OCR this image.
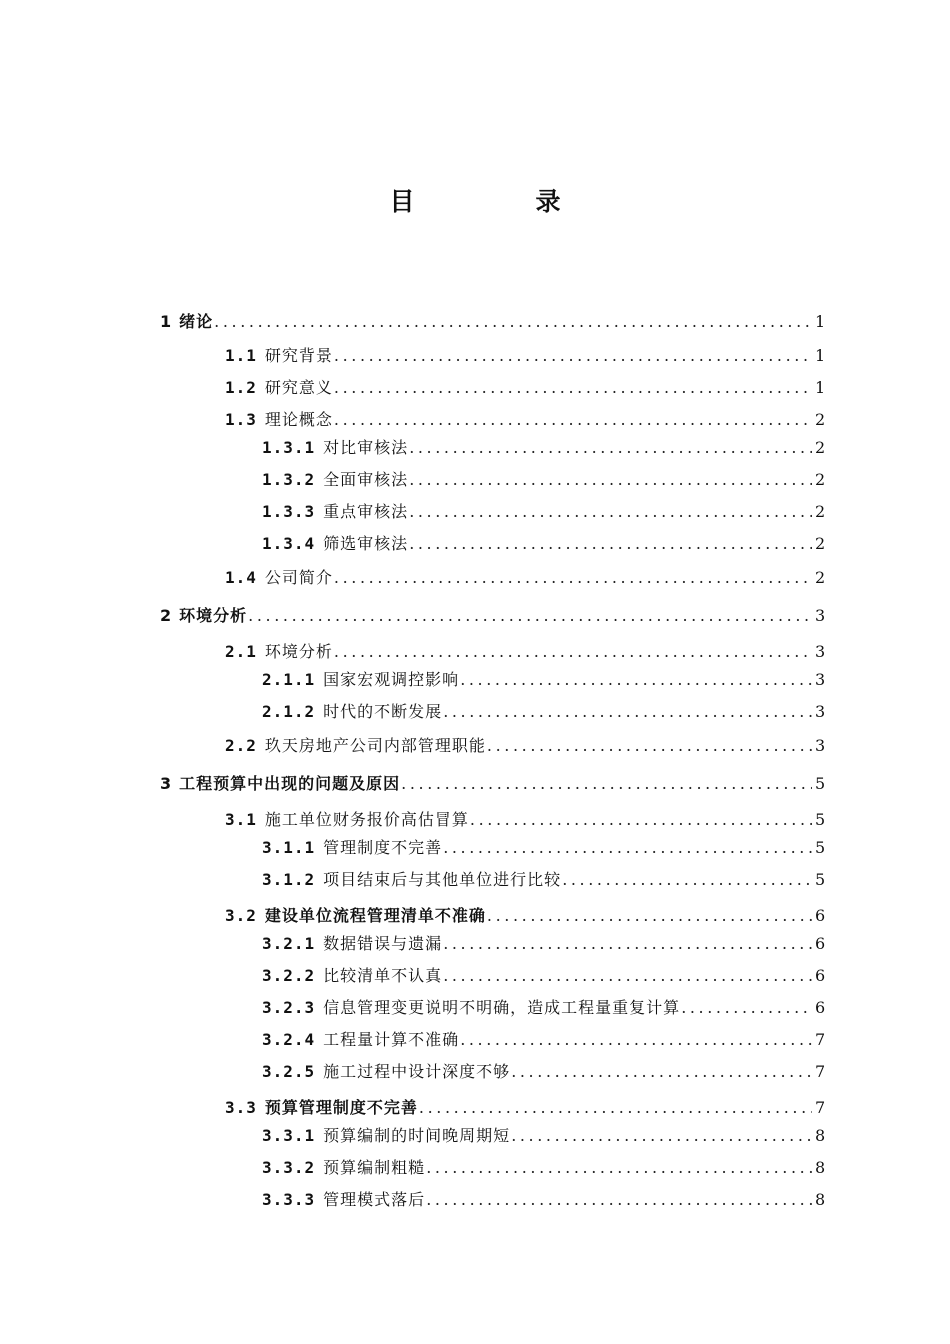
目　录
1 绪论 .....	1
1.1 研究背景 .....	1
1.2 研究意义 .....	1
1.3 理论概念 .....	2
1.3.1 对比审核法 .....	2
1.3.2 全面审核法 .....	2
1.3.3 重点审核法 .....	2
1.3.4 筛选审核法 .....	2
1.4 公司简介 .....	2
2 环境分析 .....	3
2.1 环境分析 .....	3
2.1.1 国家宏观调控影响 .....	3
2.1.2 时代的不断发展 .....	3
2.2 玖天房地产公司内部管理职能 .....	3
3 工程预算中出现的问题及原因 .....	5
3.1 施工单位财务报价高估冒算 .....	5
3.1.1 管理制度不完善 .....	5
3.1.2 项目结束后与其他单位进行比较 .....	5
3.2 建设单位流程管理清单不准确 .....	6
3.2.1 数据错误与遗漏 .....	6
3.2.2 比较清单不认真 .....	6
3.2.3 信息管理变更说明不明确，造成工程量重复计算 .....	6
3.2.4 工程量计算不准确 .....	7
3.2.5 施工过程中设计深度不够 .....	7
3.3 预算管理制度不完善 .....	7
3.3.1 预算编制的时间晚周期短 .....	8
3.3.2 预算编制粗糙 .....	8
3.3.3 管理模式落后 .....	8
